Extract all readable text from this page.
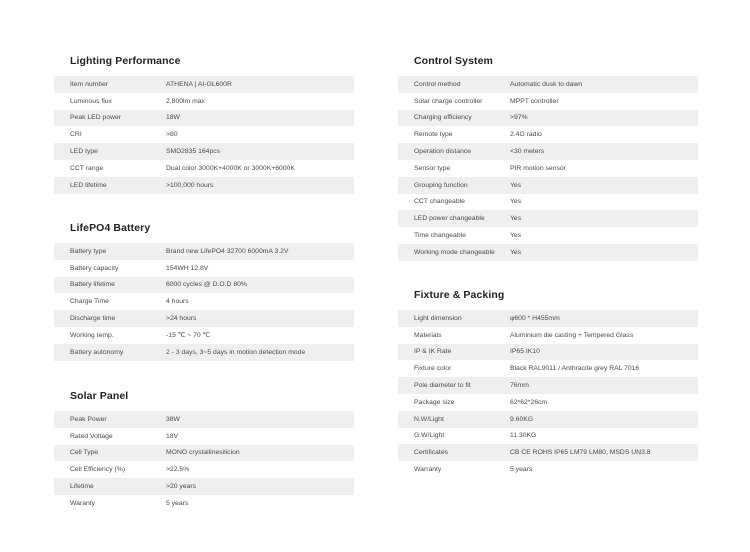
Lighting Performance
Item number	ATHENA | AI-GL600R
Luminous flux	2,800lm max
Peak LED power	18W
CRI	>80
LED type	SMD2835 164pcs
CCT range	Dual color 3000K+4000K or 3000K+6000K
LED lifetime	>100,000 hours
LifePO4 Battery
Battery type	Brand new LifePO4 32700 6000mA 3.2V
Battery capacity	154WH 12.8V
Battery lifetime	6000 cycles @ D.O.D 80%
Charge Time	4 hours
Discharge time	>24 hours
Working temp.	-15 ℃ ~ 70 ℃
Battery autonomy	2 - 3 days, 3~5 days in motion detection mode
Solar Panel
Peak Power	38W
Rated Voltage	18V
Cell Type	MONO crystallinesilicion
Cell Efficiency (%)	>22.5%
Lifetime	>20 years
Waranty	5 years
Control System
Control method	Automatic dusk to dawn
Solar charge controller	MPPT controller
Charging efficiency	>97%
Remote type	2.4G radio
Operation distance	<30 meters
Sensor type	PIR motion sensor
Grouping function	Yes
CCT changeable	Yes
LED power changeable	Yes
Time changeable	Yes
Working mode changeable	Yes
Fixture & Packing
Light dimension	φ600 * H455mm
Materials	Aluminium die casting + Tempered Glass
IP & IK Rate	IP65 IK10
Fixture color	Black RAL9011 / Anthracite grey RAL 7016
Pole diameter to fit	76mm
Package size	62*62*26cm
N.W/Light	9.60KG
G.W/Light	11.30KG
Certificates	CB CE ROHS IP65 LM79 LM80, MSDS UN3.8
Warranty	5 years
